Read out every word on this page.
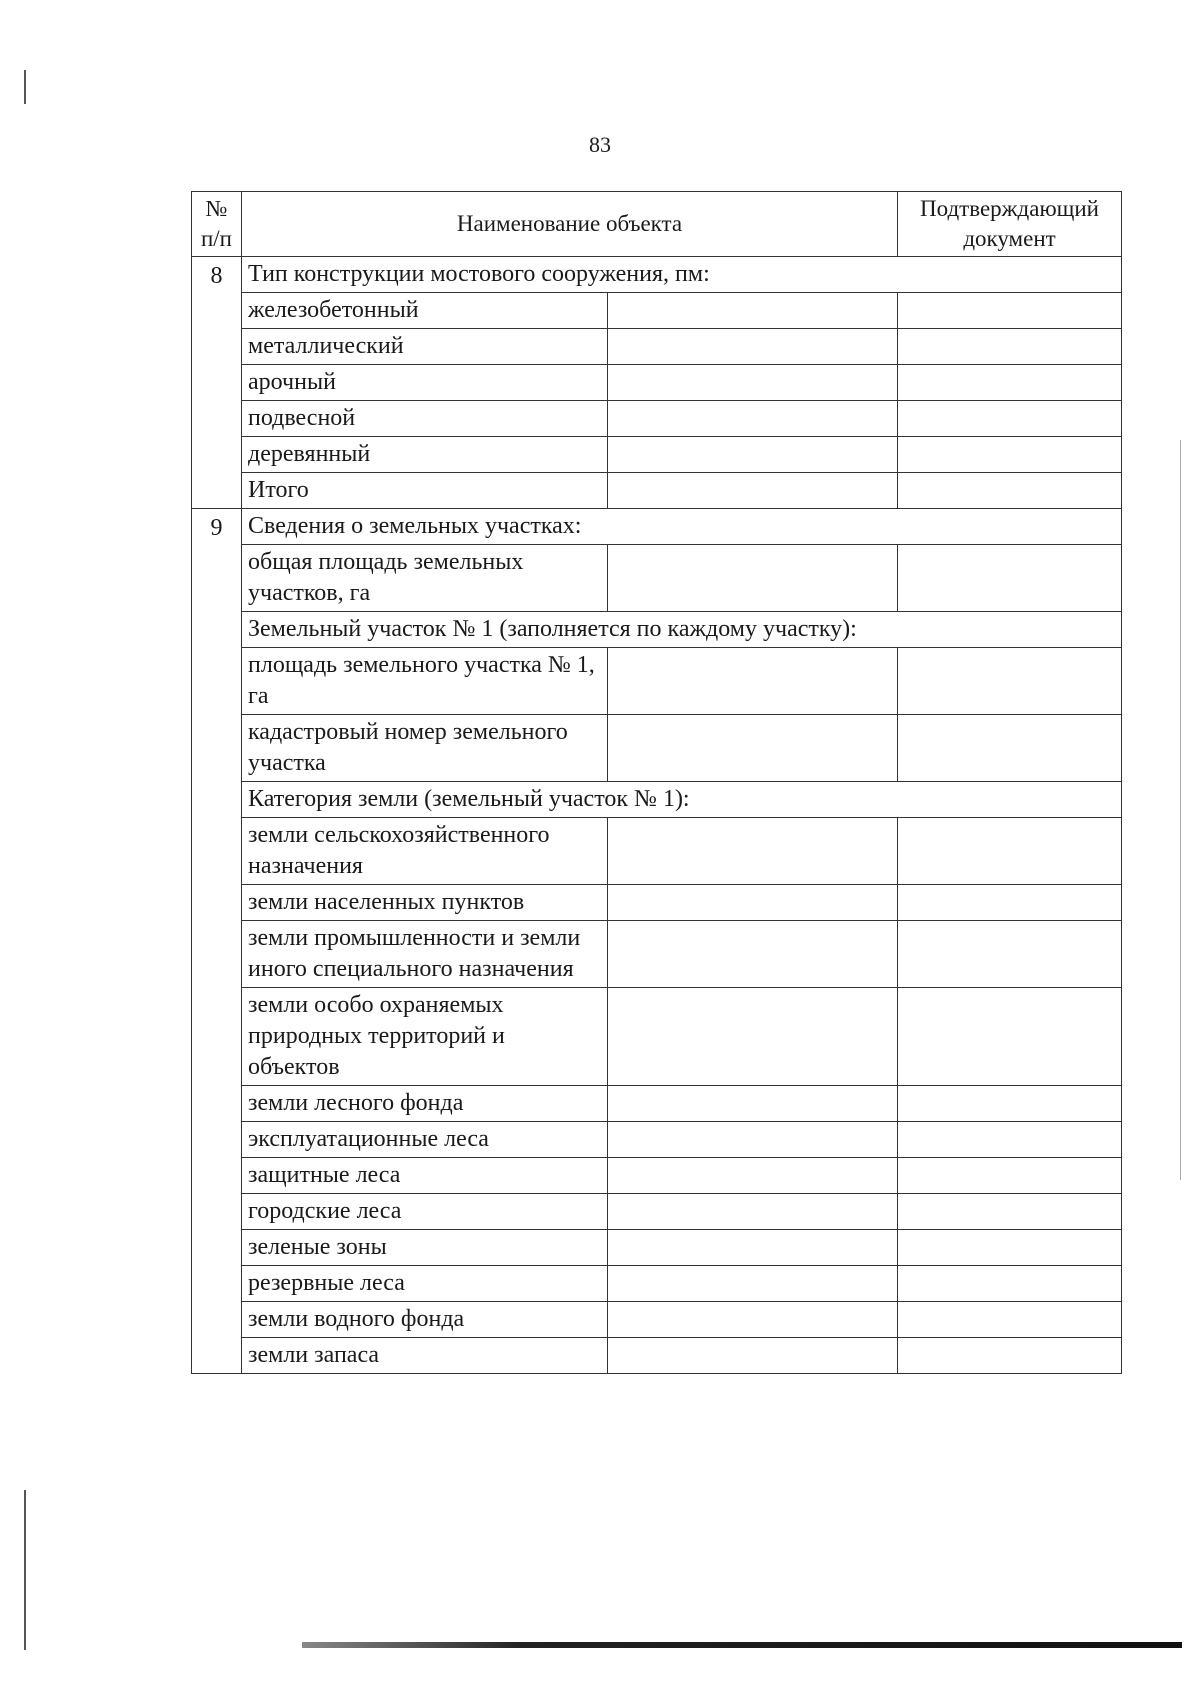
83
№
п/п	Наименование объекта		Подтверждающий документ
8	Тип конструкции мостового сооружения, пм:		
	железобетонный		
	металлический		
	арочный		
	подвесной		
	деревянный		
	Итого		
9	Сведения о земельных участках:		
	общая площадь земельных участков, га		
	Земельный участок № 1 (заполняется по каждому участку):		
	площадь земельного участка № 1, га		
	кадастровый номер земельного участка		
	Категория земли (земельный участок № 1):		
	земли сельскохозяйственного назначения		
	земли населенных пунктов		
	земли промышленности и земли иного специального назначения		
	земли особо охраняемых природных территорий и объектов		
	земли лесного фонда		
	эксплуатационные леса		
	защитные леса		
	городские леса		
	зеленые зоны		
	резервные леса		
	земли водного фонда		
	земли запаса		
